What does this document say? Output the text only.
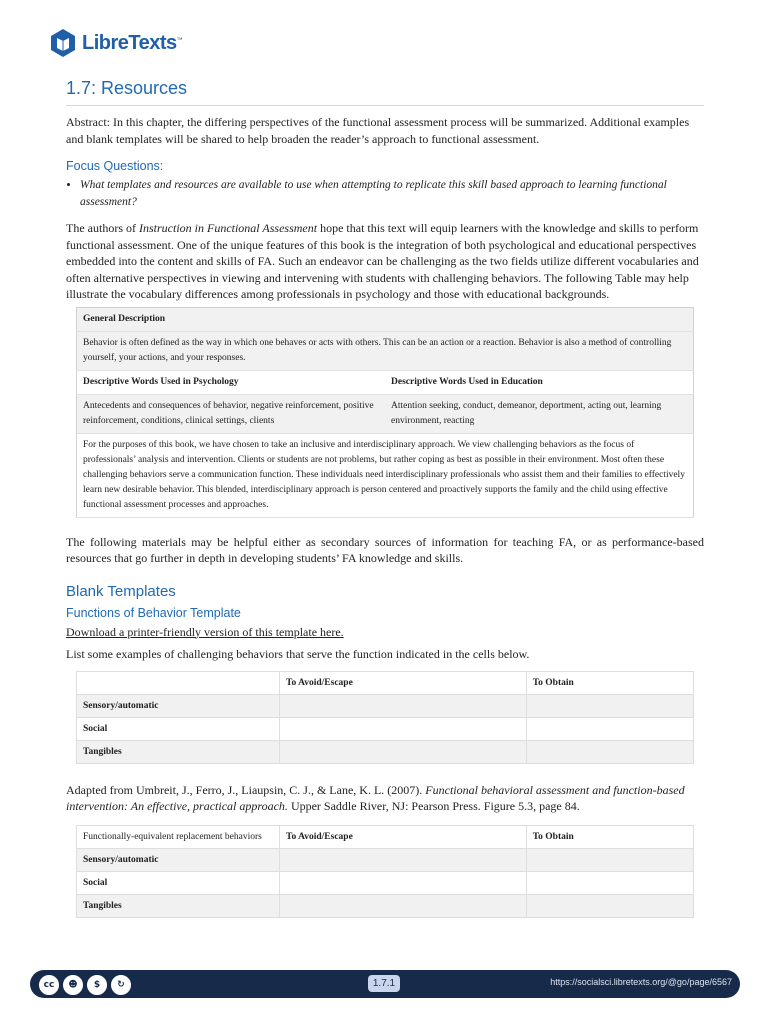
LibreTexts™
1.7: Resources

Abstract: In this chapter, the differing perspectives of the functional assessment process will be summarized. Additional examples and blank templates will be shared to help broaden the reader’s approach to functional assessment.

Focus Questions:
• What templates and resources are available to use when attempting to replicate this skill based approach to learning functional assessment?

The authors of Instruction in Functional Assessment hope that this text will equip learners with the knowledge and skills to perform functional assessment. One of the unique features of this book is the integration of both psychological and educational perspectives embedded into the content and skills of FA. Such an endeavor can be challenging as the two fields utilize different vocabularies and often alternative perspectives in viewing and intervening with students with challenging behaviors. The following Table may help illustrate the vocabulary differences among professionals in psychology and those with educational backgrounds.

General Description	
Behavior is often defined as the way in which one behaves or acts with others. This can be an action or a reaction. Behavior is also a method of controlling yourself, your actions, and your responses.	
Descriptive Words Used in Psychology	Descriptive Words Used in Education
Antecedents and consequences of behavior, negative reinforcement, positive reinforcement, conditions, clinical settings, clients	Attention seeking, conduct, demeanor, deportment, acting out, learning environment, reacting
For the purposes of this book, we have chosen to take an inclusive and interdisciplinary approach. We view challenging behaviors as the focus of professionals’ analysis and intervention. Clients or students are not problems, but rather coping as best as possible in their environment. Most often these challenging behaviors serve a communication function. These individuals need interdisciplinary professionals who assist them and their families to effectively learn new desirable behavior. This blended, interdisciplinary approach is person centered and proactively supports the family and the child using effective functional assessment processes and approaches.	

The following materials may be helpful either as secondary sources of information for teaching FA, or as performance-based resources that go further in depth in developing students’ FA knowledge and skills.

Blank Templates
Functions of Behavior Template

Download a printer-friendly version of this template here.

List some examples of challenging behaviors that serve the function indicated in the cells below.

	To Avoid/Escape	To Obtain
Sensory/automatic		
Social		
Tangibles		

Adapted from Umbreit, J., Ferro, J., Liaupsin, C. J., & Lane, K. L. (2007). Functional behavioral assessment and function-based intervention: An effective, practical approach. Upper Saddle River, NJ: Pearson Press. Figure 5.3, page 84.

Functionally-equivalent replacement behaviors	To Avoid/Escape	To Obtain
Sensory/automatic		
Social		
Tangibles		
cc	☻	$	↻	1.7.1	https://socialsci.libretexts.org/@go/page/6567
